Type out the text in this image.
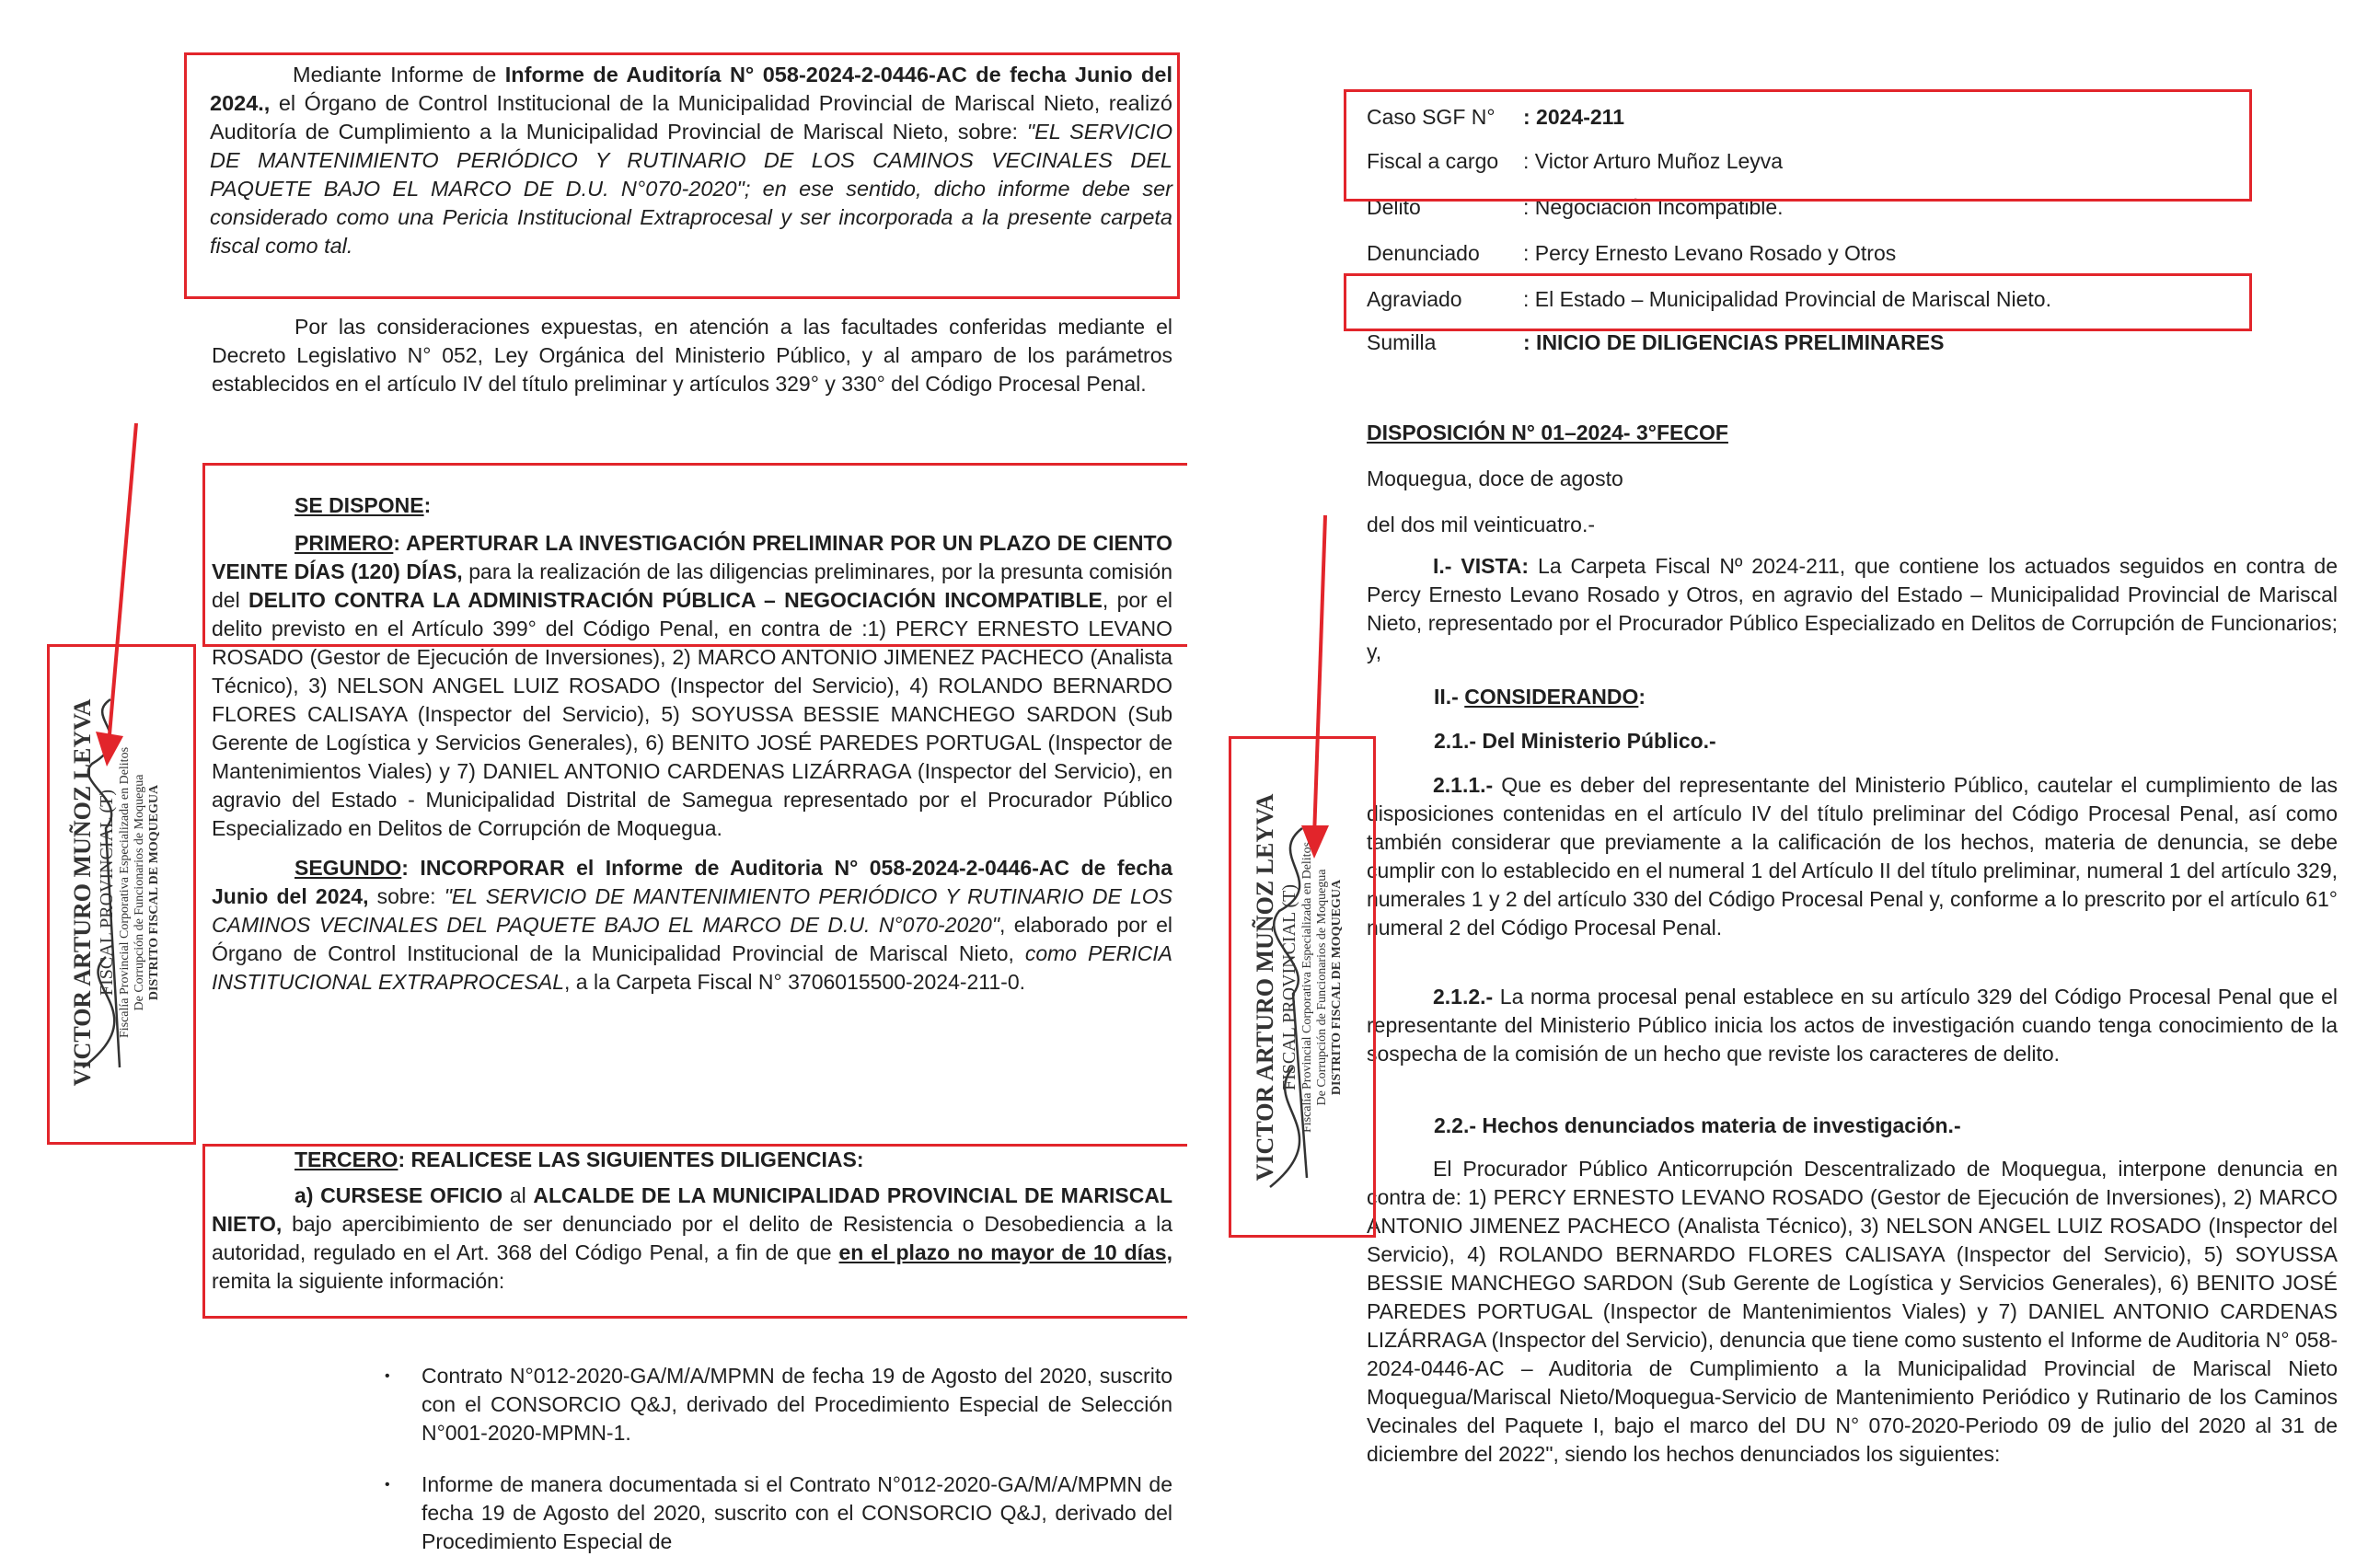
Mediante Informe de Informe de Auditoría N° 058-2024-2-0446-AC de fecha Junio del 2024., el Órgano de Control Institucional de la Municipalidad Provincial de Mariscal Nieto, realizó Auditoría de Cumplimiento a la Municipalidad Provincial de Mariscal Nieto, sobre: "EL SERVICIO DE MANTENIMIENTO PERIÓDICO Y RUTINARIO DE LOS CAMINOS VECINALES DEL PAQUETE BAJO EL MARCO DE D.U. N°070-2020"; en ese sentido, dicho informe debe ser considerado como una Pericia Institucional Extraprocesal y ser incorporada a la presente carpeta fiscal como tal.

Por las consideraciones expuestas, en atención a las facultades conferidas mediante el Decreto Legislativo N° 052, Ley Orgánica del Ministerio Público, y al amparo de los parámetros establecidos en el artículo IV del título preliminar y artículos 329° y 330° del Código Procesal Penal.

SE DISPONE:

PRIMERO: APERTURAR LA INVESTIGACIÓN PRELIMINAR POR UN PLAZO DE CIENTO VEINTE DÍAS (120) DÍAS, para la realización de las diligencias preliminares, por la presunta comisión del DELITO CONTRA LA ADMINISTRACIÓN PÚBLICA – NEGOCIACIÓN INCOMPATIBLE, por el delito previsto en el Artículo 399° del Código Penal, en contra de :1) PERCY ERNESTO LEVANO ROSADO (Gestor de Ejecución de Inversiones), 2) MARCO ANTONIO JIMENEZ PACHECO (Analista Técnico), 3) NELSON ANGEL LUIZ ROSADO (Inspector del Servicio), 4) ROLANDO BERNARDO FLORES CALISAYA (Inspector del Servicio), 5) SOYUSSA BESSIE MANCHEGO SARDON (Sub Gerente de Logística y Servicios Generales), 6) BENITO JOSÉ PAREDES PORTUGAL (Inspector de Mantenimientos Viales) y 7) DANIEL ANTONIO CARDENAS LIZÁRRAGA (Inspector del Servicio), en agravio del Estado - Municipalidad Distrital de Samegua representado por el Procurador Público Especializado en Delitos de Corrupción de Moquegua.

SEGUNDO: INCORPORAR el Informe de Auditoria N° 058-2024-2-0446-AC de fecha Junio del 2024, sobre: "EL SERVICIO DE MANTENIMIENTO PERIÓDICO Y RUTINARIO DE LOS CAMINOS VECINALES DEL PAQUETE BAJO EL MARCO DE D.U. N°070-2020", elaborado por el Órgano de Control Institucional de la Municipalidad Provincial de Mariscal Nieto, como PERICIA INSTITUCIONAL EXTRAPROCESAL, a la Carpeta Fiscal N° 3706015500-2024-211-0.

TERCERO: REALICESE LAS SIGUIENTES DILIGENCIAS:

a) CURSESE OFICIO al ALCALDE DE LA MUNICIPALIDAD PROVINCIAL DE MARISCAL NIETO, bajo apercibimiento de ser denunciado por el delito de Resistencia o Desobediencia a la autoridad, regulado en el Art. 368 del Código Penal, a fin de que en el plazo no mayor de 10 días, remita la siguiente información:

• Contrato N°012-2020-GA/M/A/MPMN de fecha 19 de Agosto del 2020, suscrito con el CONSORCIO Q&J, derivado del Procedimiento Especial de Selección N°001-2020-MPMN-1.
• Informe de manera documentada si el Contrato N°012-2020-GA/M/A/MPMN de fecha 19 de Agosto del 2020, suscrito con el CONSORCIO Q&J, derivado del Procedimiento Especial de
VICTOR ARTURO MUÑOZ LEYVA FISCAL PROVINCIAL (T) Fiscalía Provincial Corporativa Especializada en Delitos De Corrupción de Funcionarios de Moquegua DISTRITO FISCAL DE MOQUEGUA
Caso SGF N° : 2024-211
Fiscal a cargo : Victor Arturo Muñoz Leyva
Delito	: Negociación Incompatible.
Denunciado : Percy Ernesto Levano Rosado y Otros
Agraviado	: El Estado – Municipalidad Provincial de Mariscal Nieto.
Sumilla	: INICIO DE DILIGENCIAS PRELIMINARES
DISPOSICIÓN N° 01–2024- 3°FECOF
Moquegua, doce de agosto
del dos mil veinticuatro.-

I.- VISTA: La Carpeta Fiscal Nº 2024-211, que contiene los actuados seguidos en contra de Percy Ernesto Levano Rosado y Otros, en agravio del Estado – Municipalidad Provincial de Mariscal Nieto, representado por el Procurador Público Especializado en Delitos de Corrupción de Funcionarios; y,

II.- CONSIDERANDO:
2.1.- Del Ministerio Público.-

2.1.1.- Que es deber del representante del Ministerio Público, cautelar el cumplimiento de las disposiciones contenidas en el artículo IV del título preliminar del Código Procesal Penal, así como también considerar que previamente a la calificación de los hechos, materia de denuncia, se debe cumplir con lo establecido en el numeral 1 del Artículo II del título preliminar, numeral 1 del artículo 329, numerales 1 y 2 del artículo 330 del Código Procesal Penal y, conforme a lo prescrito por el artículo 61° numeral 2 del Código Procesal Penal.

2.1.2.- La norma procesal penal establece en su artículo 329 del Código Procesal Penal que el representante del Ministerio Público inicia los actos de investigación cuando tenga conocimiento de la sospecha de la comisión de un hecho que reviste los caracteres de delito.

2.2.- Hechos denunciados materia de investigación.-

El Procurador Público Anticorrupción Descentralizado de Moquegua, interpone denuncia en contra de: 1) PERCY ERNESTO LEVANO ROSADO (Gestor de Ejecución de Inversiones), 2) MARCO ANTONIO JIMENEZ PACHECO (Analista Técnico), 3) NELSON ANGEL LUIZ ROSADO (Inspector del Servicio), 4) ROLANDO BERNARDO FLORES CALISAYA (Inspector del Servicio), 5) SOYUSSA BESSIE MANCHEGO SARDON (Sub Gerente de Logística y Servicios Generales), 6) BENITO JOSÉ PAREDES PORTUGAL (Inspector de Mantenimientos Viales) y 7) DANIEL ANTONIO CARDENAS LIZÁRRAGA (Inspector del Servicio), denuncia que tiene como sustento el Informe de Auditoria N° 058-2024-0446-AC – Auditoria de Cumplimiento a la Municipalidad Provincial de Mariscal Nieto Moquegua/Mariscal Nieto/Moquegua-Servicio de Mantenimiento Periódico y Rutinario de los Caminos Vecinales del Paquete I, bajo el marco del DU N° 070-2020-Periodo 09 de julio del 2020 al 31 de diciembre del 2022", siendo los hechos denunciados los siguientes:

VICTOR ARTURO MUÑOZ LEYVA FISCAL PROVINCIAL (T) Fiscalía Provincial Corporativa Especializada en Delitos De Corrupción de Funcionarios de Moquegua DISTRITO FISCAL DE MOQUEGUA
